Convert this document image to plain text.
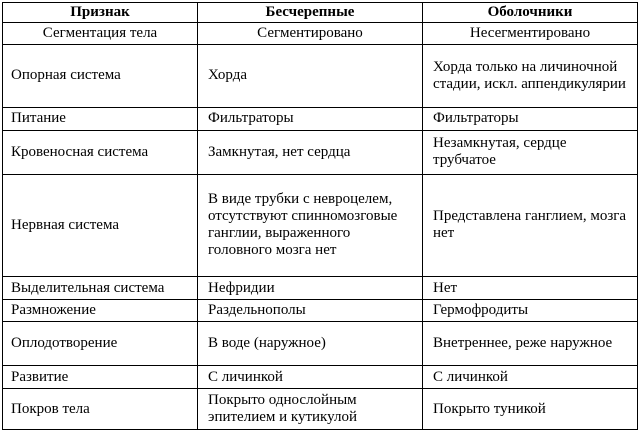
Признак	Бесчерепные	Оболочники
Сегментация тела	Сегментировано	Несегментировано
Опорная система	Хорда	Хорда только на личиночной стадии, искл. аппендикулярии
Питание	Фильтраторы	Фильтраторы
Кровеносная система	Замкнутая, нет сердца	Незамкнутая, сердце трубчатое
Нервная система	В виде трубки с невроцелем, отсутствуют спинномозговые ганглии, выраженного головного мозга нет	Представлена ганглием, мозга нет
Выделительная система	Нефридии	Нет
Размножение	Раздельнополы	Гермофродиты
Оплодотворение	В воде (наружное)	Внетреннее, реже наружное
Развитие	С личинкой	С личинкой
Покров тела	Покрыто однослойным эпителием и кутикулой	Покрыто туникой
